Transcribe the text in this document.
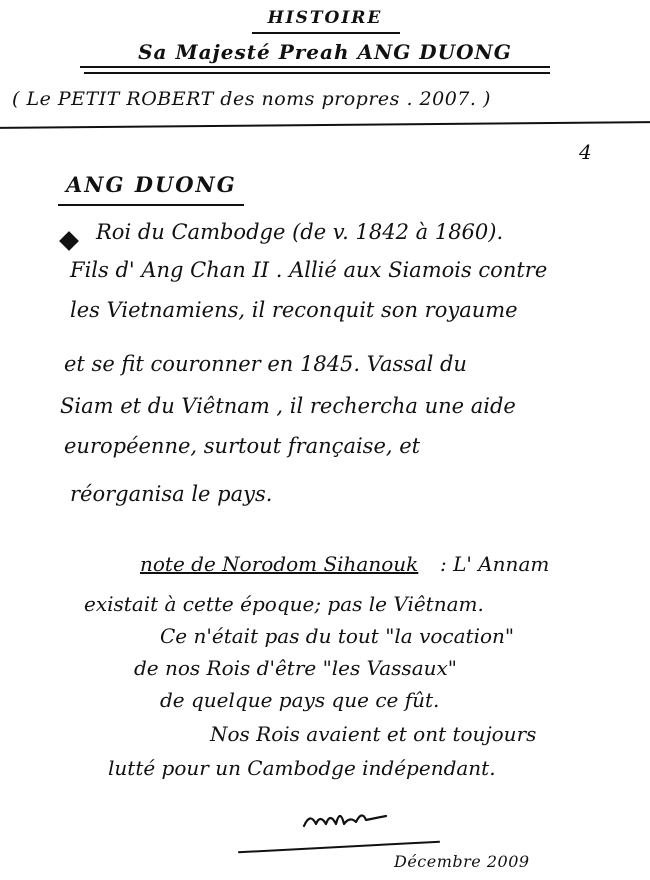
HISTOIRE
Sa Majesté Preah ANG DUONG
( Le PETIT ROBERT des noms propres . 2007. )
4
ANG DUONG
Roi du Cambodge (de v. 1842 à 1860).
Fils d' Ang Chan II . Allié aux Siamois contre
les Vietnamiens, il reconquit son royaume
et se fit couronner en 1845. Vassal du
Siam et du Viêtnam , il rechercha une aide
européenne, surtout française, et
réorganisa le pays.
note de Norodom Sihanouk : L' Annam
existait à cette époque; pas le Viêtnam.
Ce n'était pas du tout "la vocation"
de nos Rois d'être "les Vassaux"
de quelque pays que ce fût.
Nos Rois avaient et ont toujours
lutté pour un Cambodge indépendant.
Décembre 2009
